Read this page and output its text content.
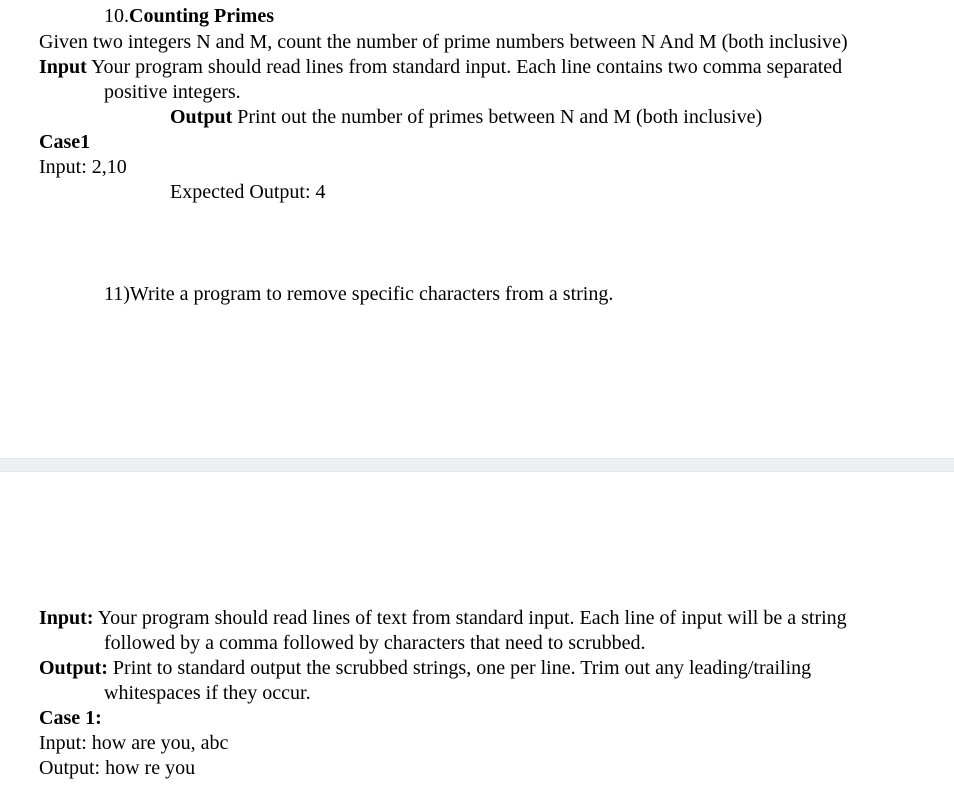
10.Counting Primes
Given two integers N and M, count the number of prime numbers between N And M (both inclusive)
Input Your program should read lines from standard input. Each line contains two comma separated
positive integers.
Output Print out the number of primes between N and M (both inclusive)
Case1
Input: 2,10
Expected Output: 4
11)Write a program to remove specific characters from a string.
Input: Your program should read lines of text from standard input. Each line of input will be a string
followed by a comma followed by characters that need to scrubbed.
Output: Print to standard output the scrubbed strings, one per line. Trim out any leading/trailing
whitespaces if they occur.
Case 1:
Input: how are you, abc
Output: how re you
